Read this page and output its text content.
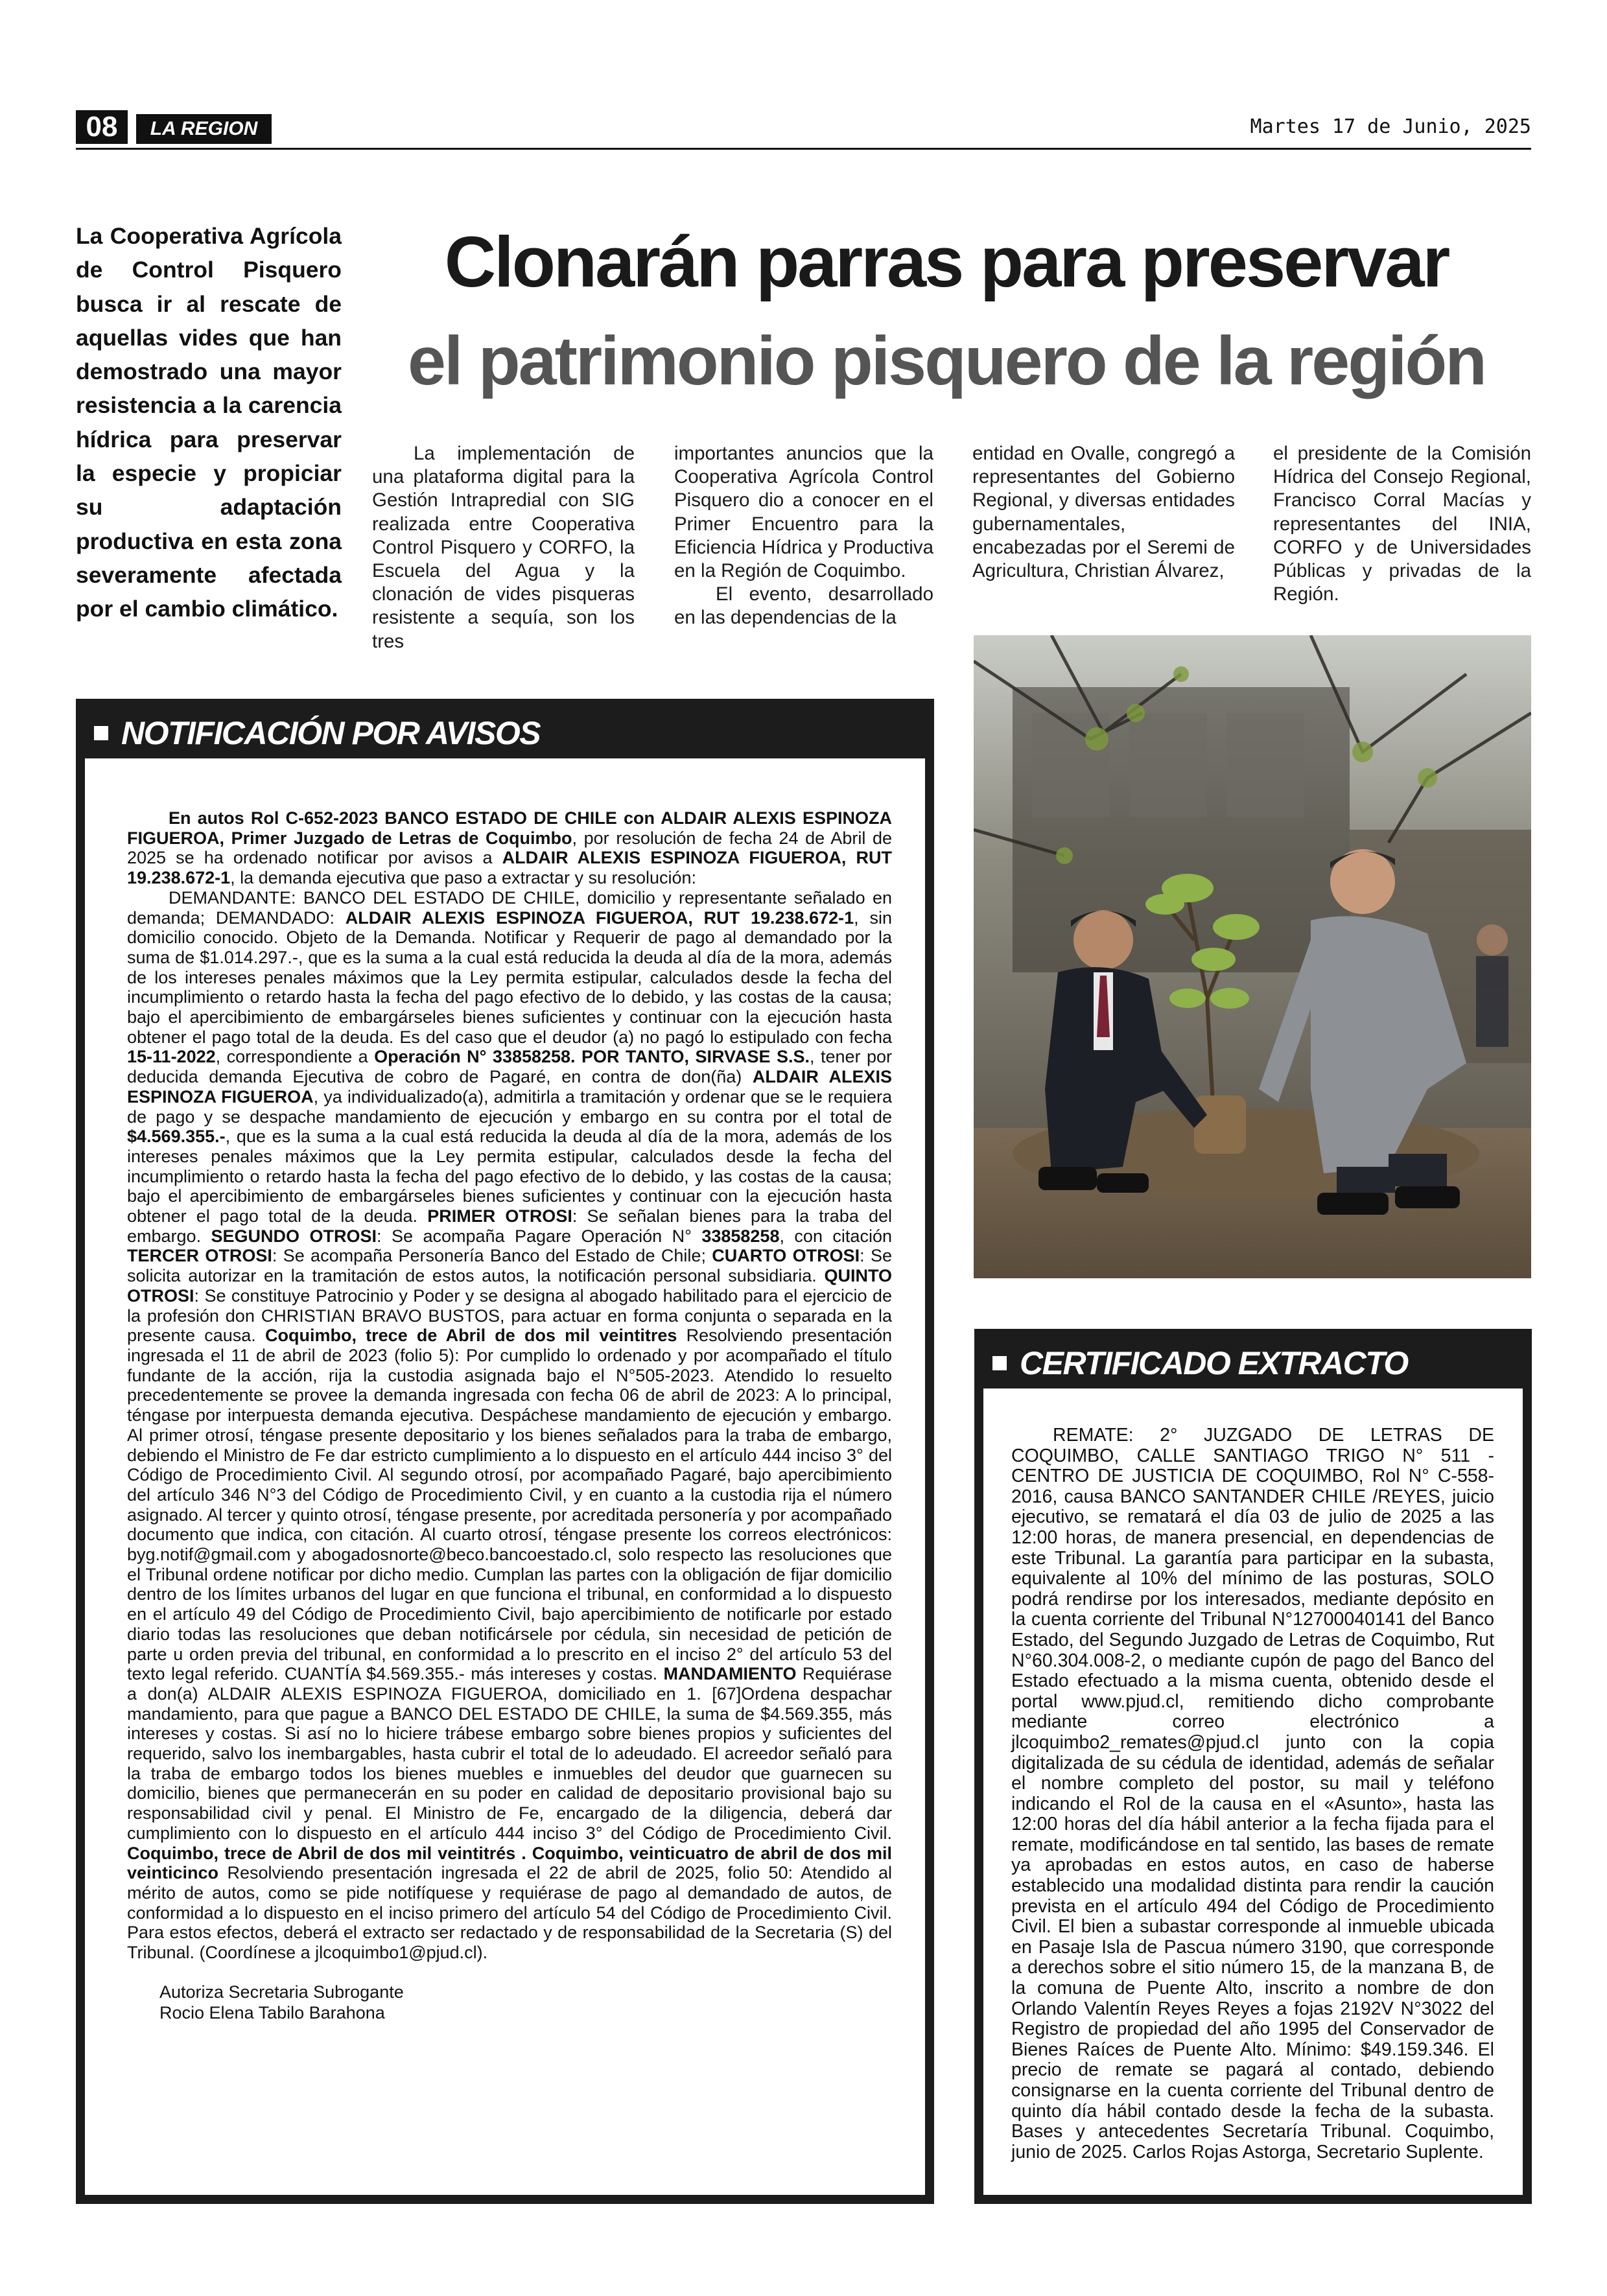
08	LA REGION	Martes 17 de Junio, 2025
La Cooperativa Agrícola de Control Pisquero busca ir al rescate de aquellas vides que han demostrado una mayor resistencia a la carencia hídrica para preservar la especie y propiciar su adaptación productiva en esta zona severamente afectada por el cambio climático.
Clonarán parras para preservar
el patrimonio pisquero de la región

La implementación de una plataforma digital para la Gestión Intrapredial con SIG realizada entre Cooperativa Control Pisquero y CORFO, la Escuela del Agua y la clonación de vides pisqueras resistente a sequía, son los tres

importantes anuncios que la Cooperativa Agrícola Control Pisquero dio a conocer en el Primer Encuentro para la Eficiencia Hídrica y Productiva en la Región de Coquimbo.
El evento, desarrollado en las dependencias de la

entidad en Ovalle, congregó a representantes del Gobierno Regional, y diversas entidades gubernamentales, encabezadas por el Seremi de Agricultura, Christian Álvarez,

el presidente de la Comisión Hídrica del Consejo Regional, Francisco Corral Macías y representantes del INIA, CORFO y de Universidades Públicas y privadas de la Región.

NOTIFICACIÓN POR AVISOS
En autos Rol C-652-2023 BANCO ESTADO DE CHILE con ALDAIR ALEXIS ESPINOZA FIGUEROA, Primer Juzgado de Letras de Coquimbo, por resolución de fecha 24 de Abril de 2025 se ha ordenado notificar por avisos a ALDAIR ALEXIS ESPINOZA FIGUEROA, RUT 19.238.672-1, la demanda ejecutiva que paso a extractar y su resolución:
DEMANDANTE: BANCO DEL ESTADO DE CHILE, domicilio y representante señalado en demanda; DEMANDADO: ALDAIR ALEXIS ESPINOZA FIGUEROA, RUT 19.238.672-1, sin domicilio conocido. Objeto de la Demanda. Notificar y Requerir de pago al demandado por la suma de $1.014.297.-, que es la suma a la cual está reducida la deuda al día de la mora, además de los intereses penales máximos que la Ley permita estipular, calculados desde la fecha del incumplimiento o retardo hasta la fecha del pago efectivo de lo debido, y las costas de la causa; bajo el apercibimiento de embargárseles bienes suficientes y continuar con la ejecución hasta obtener el pago total de la deuda. Es del caso que el deudor (a) no pagó lo estipulado con fecha 15-11-2022, correspondiente a Operación N° 33858258. POR TANTO, SIRVASE S.S., tener por deducida demanda Ejecutiva de cobro de Pagaré, en contra de don(ña) ALDAIR ALEXIS ESPINOZA FIGUEROA, ya individualizado(a), admitirla a tramitación y ordenar que se le requiera de pago y se despache mandamiento de ejecución y embargo en su contra por el total de $4.569.355.-, que es la suma a la cual está reducida la deuda al día de la mora, además de los intereses penales máximos que la Ley permita estipular, calculados desde la fecha del incumplimiento o retardo hasta la fecha del pago efectivo de lo debido, y las costas de la causa; bajo el apercibimiento de embargárseles bienes suficientes y continuar con la ejecución hasta obtener el pago total de la deuda. PRIMER OTROSI: Se señalan bienes para la traba del embargo. SEGUNDO OTROSI: Se acompaña Pagare Operación N° 33858258, con citación TERCER OTROSI: Se acompaña Personería Banco del Estado de Chile; CUARTO OTROSI: Se solicita autorizar en la tramitación de estos autos, la notificación personal subsidiaria. QUINTO OTROSI: Se constituye Patrocinio y Poder y se designa al abogado habilitado para el ejercicio de la profesión don CHRISTIAN BRAVO BUSTOS, para actuar en forma conjunta o separada en la presente causa. Coquimbo, trece de Abril de dos mil veintitres Resolviendo presentación ingresada el 11 de abril de 2023 (folio 5): Por cumplido lo ordenado y por acompañado el título fundante de la acción, rija la custodia asignada bajo el N°505-2023. Atendido lo resuelto precedentemente se provee la demanda ingresada con fecha 06 de abril de 2023: A lo principal, téngase por interpuesta demanda ejecutiva. Despáchese mandamiento de ejecución y embargo. Al primer otrosí, téngase presente depositario y los bienes señalados para la traba de embargo, debiendo el Ministro de Fe dar estricto cumplimiento a lo dispuesto en el artículo 444 inciso 3° del Código de Procedimiento Civil. Al segundo otrosí, por acompañado Pagaré, bajo apercibimiento del artículo 346 N°3 del Código de Procedimiento Civil, y en cuanto a la custodia rija el número asignado. Al tercer y quinto otrosí, téngase presente, por acreditada personería y por acompañado documento que indica, con citación. Al cuarto otrosí, téngase presente los correos electrónicos: byg.notif@gmail.com y abogadosnorte@beco.bancoestado.cl, solo respecto las resoluciones que el Tribunal ordene notificar por dicho medio. Cumplan las partes con la obligación de fijar domicilio dentro de los límites urbanos del lugar en que funciona el tribunal, en conformidad a lo dispuesto en el artículo 49 del Código de Procedimiento Civil, bajo apercibimiento de notificarle por estado diario todas las resoluciones que deban notificársele por cédula, sin necesidad de petición de parte u orden previa del tribunal, en conformidad a lo prescrito en el inciso 2° del artículo 53 del texto legal referido. CUANTÍA $4.569.355.- más intereses y costas. MANDAMIENTO Requiérase a don(a) ALDAIR ALEXIS ESPINOZA FIGUEROA, domiciliado en 1. [67]Ordena despachar mandamiento, para que pague a BANCO DEL ESTADO DE CHILE, la suma de $4.569.355, más intereses y costas. Si así no lo hiciere trábese embargo sobre bienes propios y suficientes del requerido, salvo los inembargables, hasta cubrir el total de lo adeudado. El acreedor señaló para la traba de embargo todos los bienes muebles e inmuebles del deudor que guarnecen su domicilio, bienes que permanecerán en su poder en calidad de depositario provisional bajo su responsabilidad civil y penal. El Ministro de Fe, encargado de la diligencia, deberá dar cumplimiento con lo dispuesto en el artículo 444 inciso 3° del Código de Procedimiento Civil. Coquimbo, trece de Abril de dos mil veintitrés . Coquimbo, veinticuatro de abril de dos mil veinticinco Resolviendo presentación ingresada el 22 de abril de 2025, folio 50: Atendido al mérito de autos, como se pide notifíquese y requiérase de pago al demandado de autos, de conformidad a lo dispuesto en el inciso primero del artículo 54 del Código de Procedimiento Civil. Para estos efectos, deberá el extracto ser redactado y de responsabilidad de la Secretaria (S) del Tribunal. (Coordínese a jlcoquimbo1@pjud.cl).
Autoriza Secretaria Subrogante
Rocio Elena Tabilo Barahona
CERTIFICADO EXTRACTO

REMATE: 2° JUZGADO DE LETRAS DE COQUIMBO, CALLE SANTIAGO TRIGO N° 511 - CENTRO DE JUSTICIA DE COQUIMBO, Rol N° C-558-2016, causa BANCO SANTANDER CHILE /REYES, juicio ejecutivo, se rematará el día 03 de julio de 2025 a las 12:00 horas, de manera presencial, en dependencias de este Tribunal. La garantía para participar en la subasta, equivalente al 10% del mínimo de las posturas, SOLO podrá rendirse por los interesados, mediante depósito en la cuenta corriente del Tribunal N°12700040141 del Banco Estado, del Segundo Juzgado de Letras de Coquimbo, Rut N°60.304.008-2, o mediante cupón de pago del Banco del Estado efectuado a la misma cuenta, obtenido desde el portal www.pjud.cl, remitiendo dicho comprobante mediante correo electrónico a jlcoquimbo2_remates@pjud.cl junto con la copia digitalizada de su cédula de identidad, además de señalar el nombre completo del postor, su mail y teléfono indicando el Rol de la causa en el «Asunto», hasta las 12:00 horas del día hábil anterior a la fecha fijada para el remate, modificándose en tal sentido, las bases de remate ya aprobadas en estos autos, en caso de haberse establecido una modalidad distinta para rendir la caución prevista en el artículo 494 del Código de Procedimiento Civil. El bien a subastar corresponde al inmueble ubicada en Pasaje Isla de Pascua número 3190, que corresponde a derechos sobre el sitio número 15, de la manzana B, de la comuna de Puente Alto, inscrito a nombre de don Orlando Valentín Reyes Reyes a fojas 2192V N°3022 del Registro de propiedad del año 1995 del Conservador de Bienes Raíces de Puente Alto. Mínimo: $49.159.346. El precio de remate se pagará al contado, debiendo consignarse en la cuenta corriente del Tribunal dentro de quinto día hábil contado desde la fecha de la subasta. Bases y antecedentes Secretaría Tribunal. Coquimbo, junio de 2025. Carlos Rojas Astorga, Secretario Suplente.
